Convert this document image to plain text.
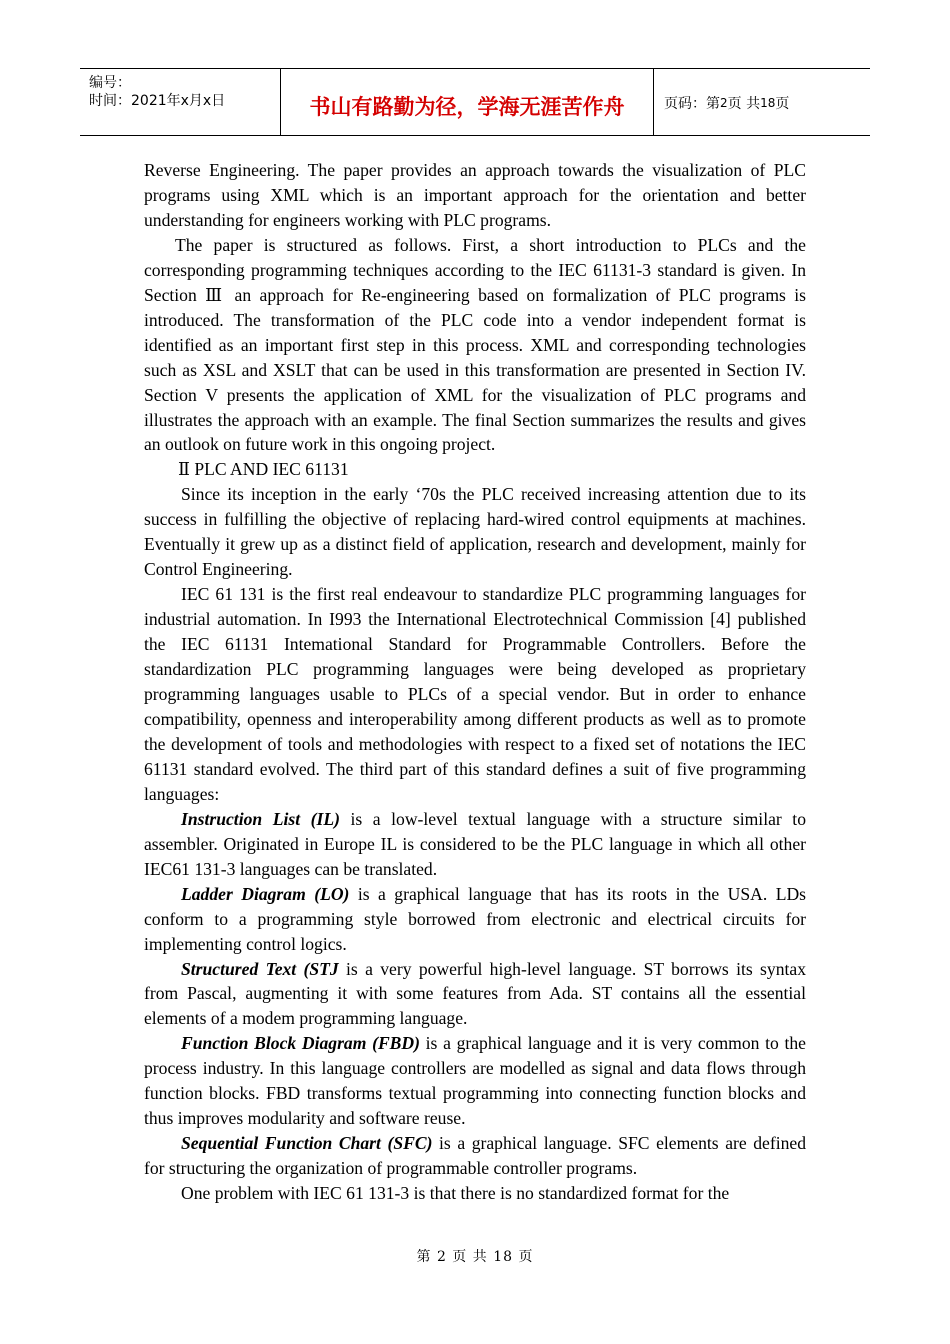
编号：
时间：2021年x月x日	书山有路勤为径，学海无涯苦作舟	页码：第 2 页 共 18 页

Reverse Engineering. The paper provides an approach towards the visualization of PLC programs using XML which is an important approach for the orientation and better understanding for engineers working with PLC programs.

The paper is structured as follows. First, a short introduction to PLCs and the corresponding programming techniques according to the IEC 61131-3 standard is given. In Section Ⅲ an approach for Re-engineering based on formalization of PLC programs is introduced. The transformation of the PLC code into a vendor independent format is identified as an important first step in this process. XML and corresponding technologies such as XSL and XSLT that can be used in this transformation are presented in Section IV. Section V presents the application of XML for the visualization of PLC programs and illustrates the approach with an example. The final Section summarizes the results and gives an outlook on future work in this ongoing project.

Ⅱ PLC AND IEC 61131

Since its inception in the early ‘70s the PLC received increasing attention due to its success in fulfilling the objective of replacing hard-wired control equipments at machines. Eventually it grew up as a distinct field of application, research and development, mainly for Control Engineering.

IEC 61 131 is the first real endeavour to standardize PLC programming languages for industrial automation. In I993 the International Electrotechnical Commission [4] published the IEC 61131 Intemational Standard for Programmable Controllers. Before the standardization PLC programming languages were being developed as proprietary programming languages usable to PLCs of a special vendor. But in order to enhance compatibility, openness and interoperability among different products as well as to promote the development of tools and methodologies with respect to a fixed set of notations the IEC 61131 standard evolved. The third part of this standard defines a suit of five programming languages:

Instruction List (IL) is a low-level textual language with a structure similar to assembler. Originated in Europe IL is considered to be the PLC language in which all other IEC61 131-3 languages can be translated.

Ladder Diagram (LO) is a graphical language that has its roots in the USA. LDs conform to a programming style borrowed from electronic and electrical circuits for implementing control logics.

Structured Text (STJ is a very powerful high-level language. ST borrows its syntax from Pascal, augmenting it with some features from Ada. ST contains all the essential elements of a modem programming language.

Function Block Diagram (FBD) is a graphical language and it is very common to the process industry. In this language controllers are modelled as signal and data flows through function blocks. FBD transforms textual programming into connecting function blocks and thus improves modularity and software reuse.

Sequential Function Chart (SFC) is a graphical language. SFC elements are defined for structuring the organization of programmable controller programs.

One problem with IEC 61 131-3 is that there is no standardized format for the

第 2 页 共 18 页
